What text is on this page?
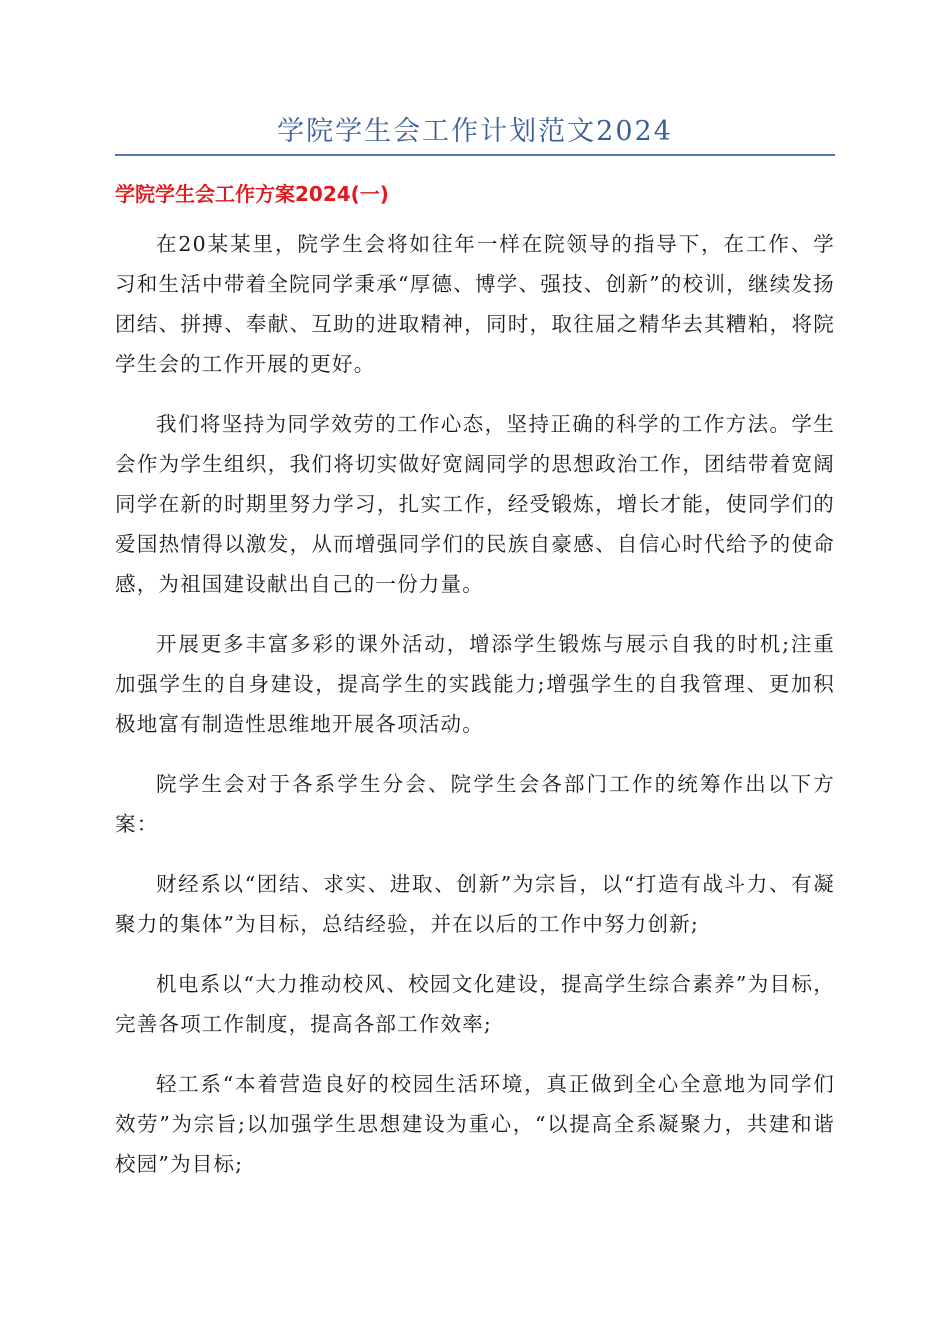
学院学生会工作计划范文2024
学院学生会工作方案2024(一)

在20某某里，院学生会将如往年一样在院领导的指导下，在工作、学习和生活中带着全院同学秉承“厚德、博学、强技、创新”的校训，继续发扬团结、拼搏、奉献、互助的进取精神，同时，取往届之精华去其糟粕，将院学生会的工作开展的更好。

我们将坚持为同学效劳的工作心态，坚持正确的科学的工作方法。学生会作为学生组织，我们将切实做好宽阔同学的思想政治工作，团结带着宽阔同学在新的时期里努力学习，扎实工作，经受锻炼，增长才能，使同学们的爱国热情得以激发，从而增强同学们的民族自豪感、自信心时代给予的使命感，为祖国建设献出自己的一份力量。

开展更多丰富多彩的课外活动，增添学生锻炼与展示自我的时机;注重加强学生的自身建设，提高学生的实践能力;增强学生的自我管理、更加积极地富有制造性思维地开展各项活动。

院学生会对于各系学生分会、院学生会各部门工作的统筹作出以下方案：

财经系以“团结、求实、进取、创新”为宗旨，以“打造有战斗力、有凝聚力的集体”为目标，总结经验，并在以后的工作中努力创新;

机电系以“大力推动校风、校园文化建设，提高学生综合素养”为目标，完善各项工作制度，提高各部工作效率;

轻工系“本着营造良好的校园生活环境，真正做到全心全意地为同学们效劳”为宗旨;以加强学生思想建设为重心，“以提高全系凝聚力，共建和谐校园”为目标;
